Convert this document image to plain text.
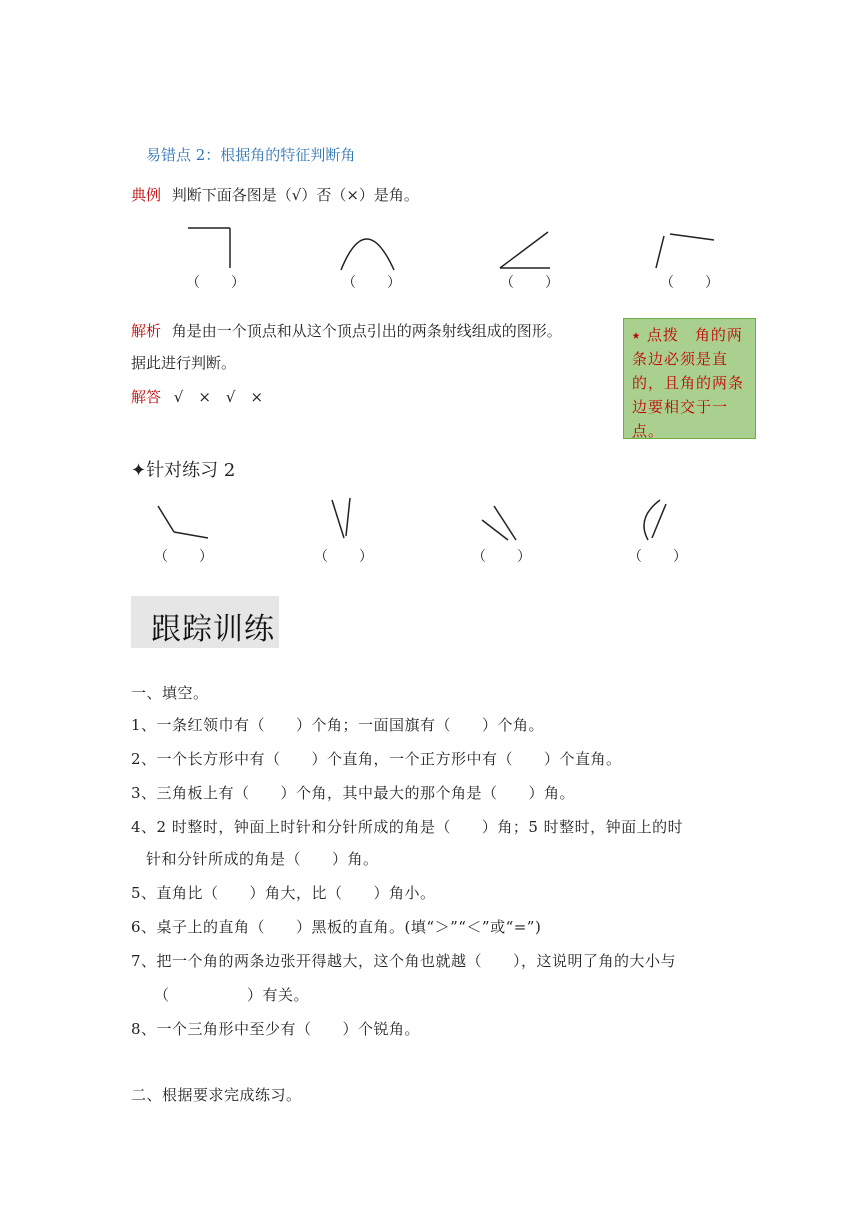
易错点 2：根据角的特征判断角
典例 判断下面各图是（√）否（×）是角。
（　　）	（　　）	（　　）	（　　）
解析 角是由一个顶点和从这个顶点引出的两条射线组成的图形。
据此进行判断。
解答 √　×　√　×
⭑ 点拨　角的两条边必须是直的，且角的两条边要相交于一点。
✦针对练习 2
（　　）	（　　）	（　　）	（　　）
跟踪训练
一、填空。
1、一条红领巾有（　　）个角；一面国旗有（　　）个角。
2、一个长方形中有（　　）个直角，一个正方形中有（　　）个直角。
3、三角板上有（　　）个角，其中最大的那个角是（　　）角。
4、2 时整时，钟面上时针和分针所成的角是（　　）角；5 时整时，钟面上的时
针和分针所成的角是（　　）角。
5、直角比（　　）角大，比（　　）角小。
6、桌子上的直角（　　）黑板的直角。(填“＞”“＜”或“=”)
7、把一个角的两条边张开得越大，这个角也就越（　　），这说明了角的大小与
（　　　　　）有关。
8、一个三角形中至少有（　　）个锐角。
二、根据要求完成练习。
